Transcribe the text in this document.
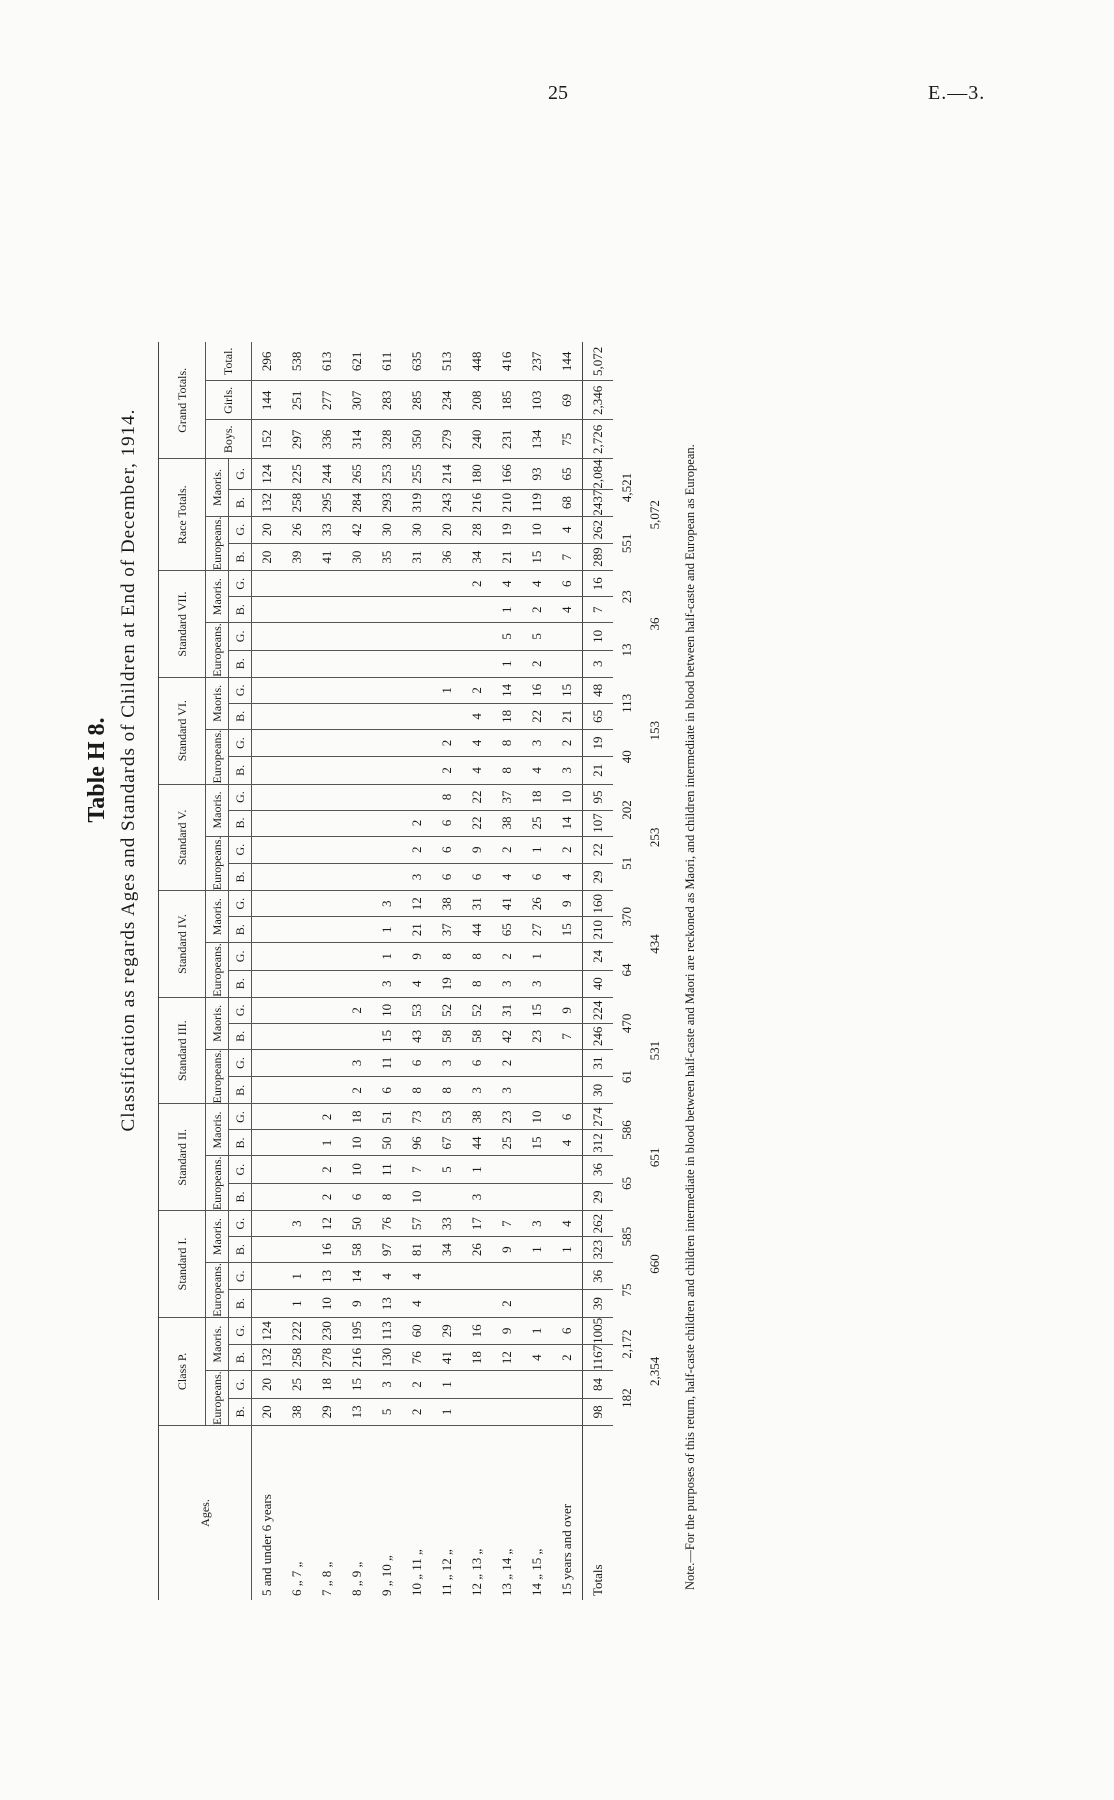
25	E.—3.
Table H 8. Classification as regards Ages and Standards of Children at End of December, 1914.
Ages.	Class P.				Standard I.				Standard II.				Standard III.				Standard IV.				Standard V.				Standard VI.				Standard VII.				Race Totals.				Grand Totals.		
	Europeans.		Maoris.		Europeans.		Maoris.		Europeans.		Maoris.		Europeans.		Maoris.		Europeans.		Maoris.		Europeans.		Maoris.		Europeans.		Maoris.		Europeans.		Maoris.		Europeans.		Maoris.		Boys.	Girls.	Total.
	B.	G.	B.	G.	B.	G.	B.	G.	B.	G.	B.	G.	B.	G.	B.	G.	B.	G.	B.	G.	B.	G.	B.	G.	B.	G.	B.	G.	B.	G.	B.	G.	B.	G.	B.	G.			
5 and under 6 years	20	20	132	124																													20	20	132	124	152	144	296
6 „ 7 „	38	25	258	222	1	1		3																									39	26	258	225	297	251	538
7 „ 8 „	29	18	278	230	10	13	16	12	2	2	1	2																					41	33	295	244	336	277	613
8 „ 9 „	13	15	216	195	9	14	58	50	6	10	10	18	2	3		2																	30	42	284	265	314	307	621
9 „ 10 „	5	3	130	113	13	4	97	76	8	11	50	51	6	11	15	10	3	1	1	3													35	30	293	253	328	283	611
10 „ 11 „	2	2	76	60	4	4	81	57	10	7	96	73	8	6	43	53	4	9	21	12	3	2	2										31	30	319	255	350	285	635
11 „ 12 „	1	1	41	29			34	33		5	67	53	8	3	58	52	19	8	37	38	6	6	6	8	2	2		1					36	20	243	214	279	234	513
12 „ 13 „			18	16			26	17	3	1	44	38	3	6	58	52	8	8	44	31	6	9	22	22	4	4	4	2				2	34	28	216	180	240	208	448
13 „ 14 „			12	9	2		9	7			25	23	3	2	42	31	3	2	65	41	4	2	38	37	8	8	18	14	1	5	1	4	21	19	210	166	231	185	416
14 „ 15 „			4	1			1	3			15	10			23	15	3	1	27	26	6	1	25	18	4	3	22	16	2	5	2	4	15	10	119	93	134	103	237
15 years and over			2	6			1	4			4	6			7	9			15	9	4	2	14	10	3	2	21	15			4	6	7	4	68	65	75	69	144
Totals	98	84	1167	1005	39	36	323	262	29	36	312	274	30	31	246	224	40	24	210	160	29	22	107	95	21	19	65	48	3	10	7	16	289	262	2437	2,084	2,726	2,346	5,072
	182		2,172		75		585		65		586		61		470		64		370		51		202		40		113		13		23		551		4,521				
	2,354				660				651				531				434				253				153				36				5,072						Note.—For the purposes of this return, half-caste children and children intermediate in blood between half-caste and Maori are reckoned as Maori, and children intermediate in blood between half-caste and European as European.
